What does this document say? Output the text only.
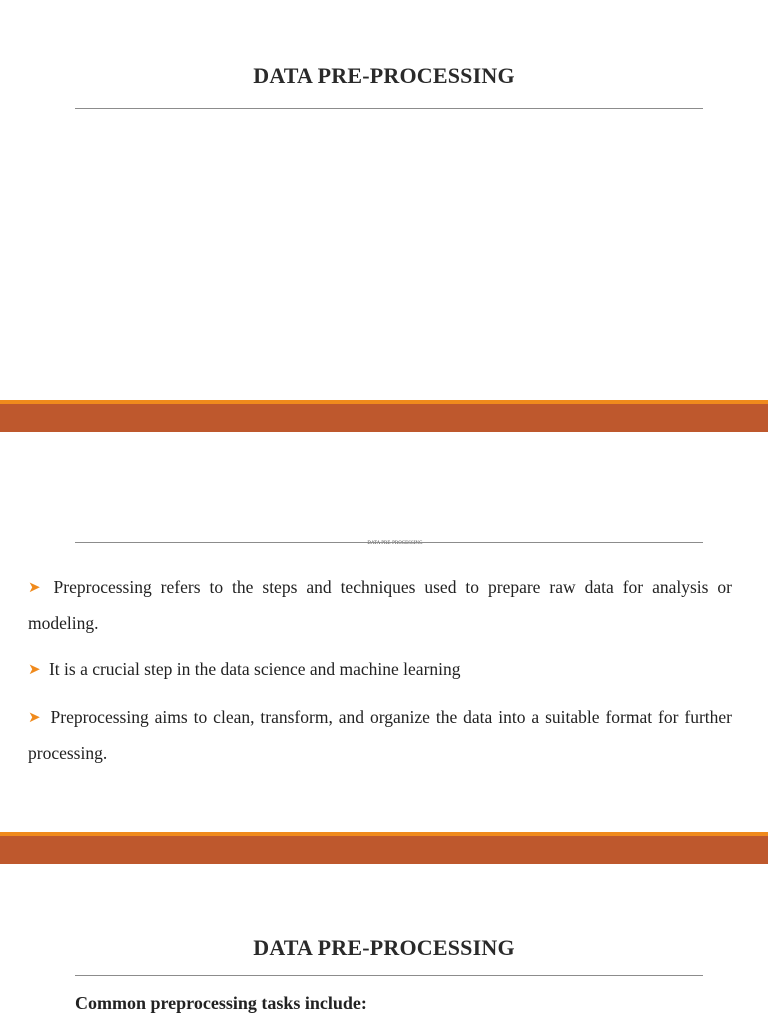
DATA PRE-PROCESSING

DATA PRE-PROCESSING

➤ Preprocessing refers to the steps and techniques used to prepare raw data for analysis or modeling.
➤ It is a crucial step in the data science and machine learning
➤ Preprocessing aims to clean, transform, and organize the data into a suitable format for further processing.
DATA PRE-PROCESSING

Common preprocessing tasks include:
